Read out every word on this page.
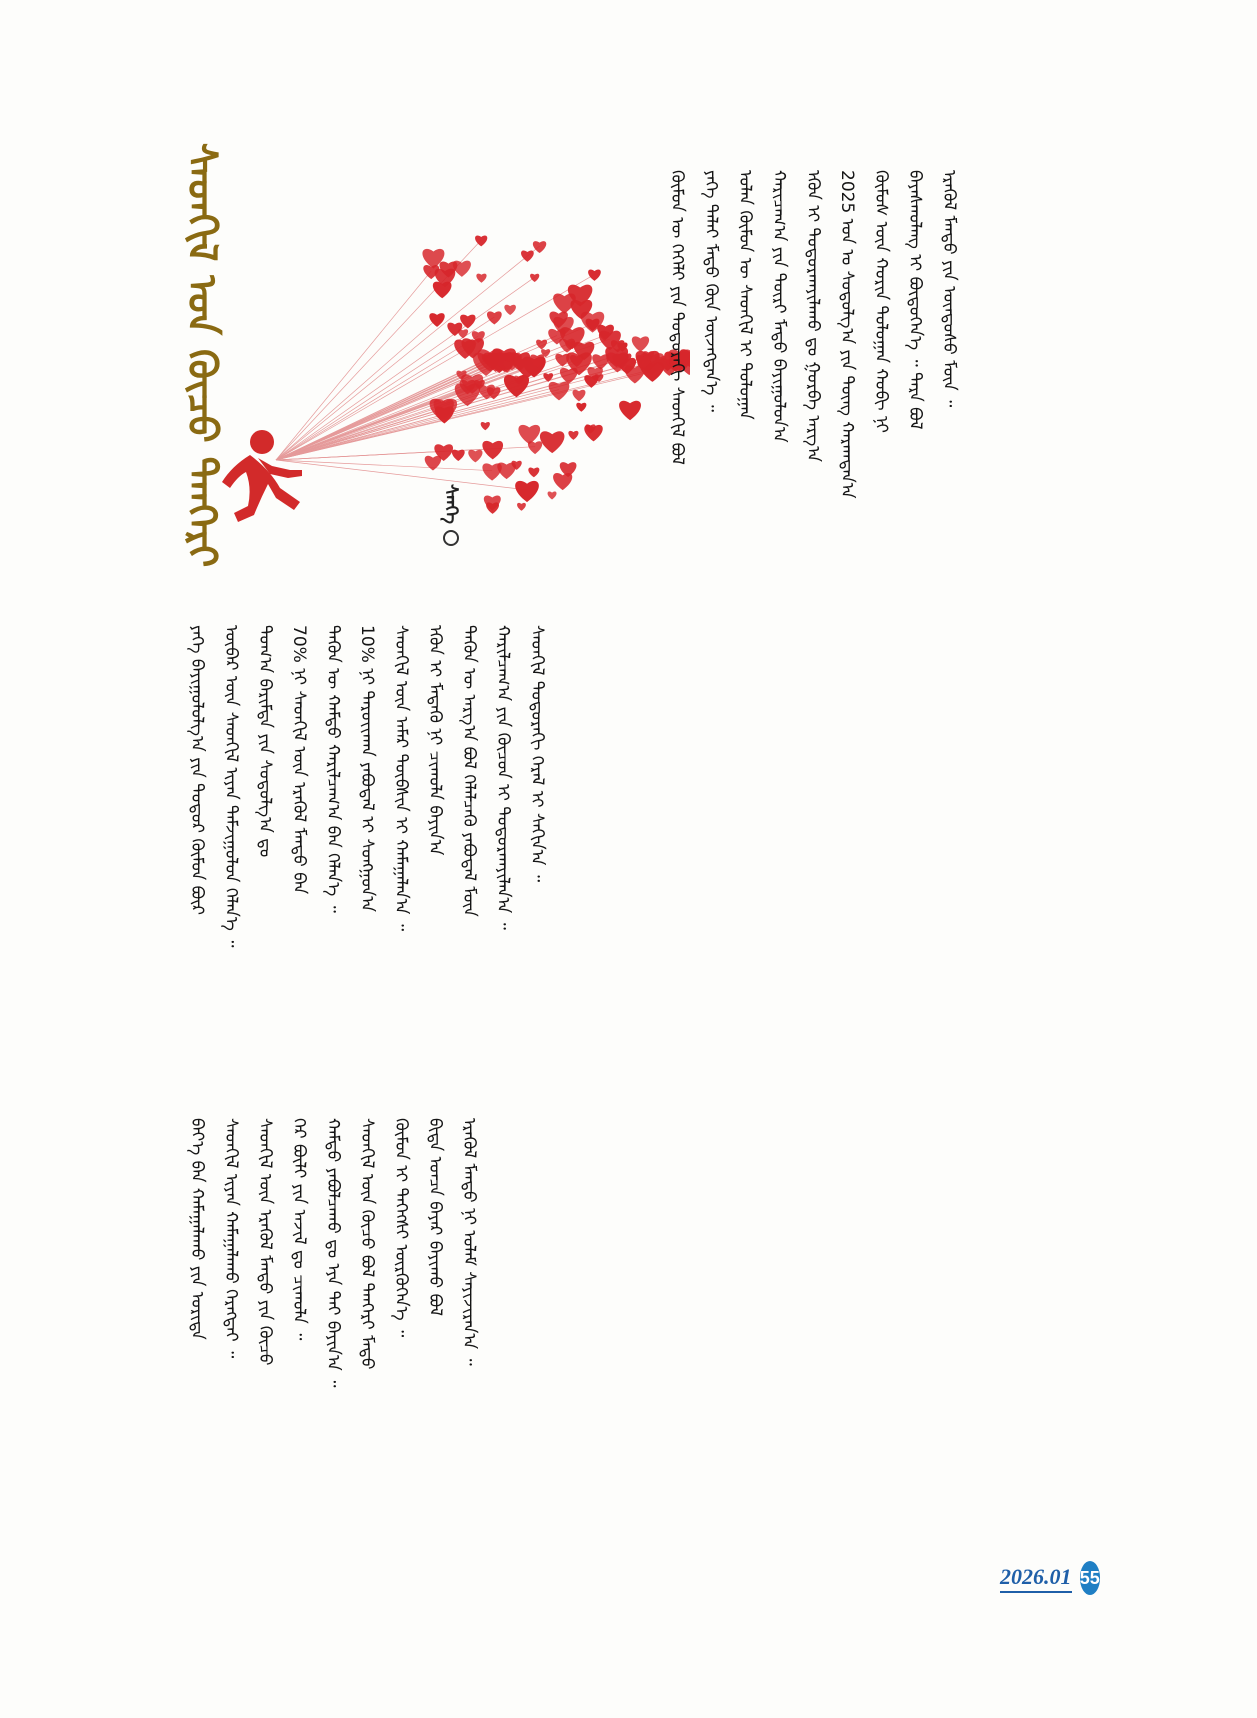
ᠰᠡᠳᠬᠢᠯ ᠤᠨ ᠬᠦᠴᠦ ᠲᠡᠨᠭᠡᠷᠢ	ᠰᠡᠨᠭᠡ
ᠬᠦᠮᠦᠨ ᠦ ᠬᠡᠭᠡᠯᠢ ᠶᠢᠨ ᠳᠣᠲᠣᠷᠠᠬᠢ ᠰᠡᠳᠬᠢᠯ ᠪᠣᠯ ᠶᠡᠬᠡ ᠳᠠᠯᠠᠢ ᠮᠡᠲᠦ ᠭᠦᠨ ᠦᠵᠡᠭᠳᠡᠨ᠎ᠡ ᠃ ᠣᠯᠠᠨ ᠬᠦᠮᠦᠨ ᠦ ᠰᠡᠳᠬᠢᠯ ᠢ ᠳᠣᠯᠣᠭᠠᠨ ᠬᠠᠷᠢᠴᠠᠭ᠎ᠠ ᠶᠢᠨ ᠳᠦᠷᠢ ᠮᠡᠲᠦ ᠪᠠᠶᠢᠭᠤᠯᠤᠨ᠎ᠠ ᠡᠭᠦᠨ ᠢ ᠲᠣᠳᠣᠷᠬᠠᠶᠢᠯᠠᠬᠤ ᠳᠤ ᠭᠤᠷᠪᠠ ᠠᠷᠭ᠎ᠠ 2025 ᠣᠨ ᠤ ᠰᠤᠳᠤᠯᠭ᠎ᠠ ᠶᠢᠨ ᠳᠦᠩ ᠬᠠᠷᠠᠭᠳᠠᠨ᠎ᠠ ᠬᠦᠮᠦᠰ ᠦᠨ ᠬᠣᠷᠢᠨ ᠳᠣᠯᠣᠭᠠᠨ ᠬᠤᠪᠢ ᠨᠢ ᠪᠠᠶᠠᠰᠬᠤᠯᠠᠩ ᠢ ᠪᠦᠲᠦᠭᠡᠨ᠎ᠡ ᠃ ᠲᠡᠷᠡ ᠪᠣᠯ ᠡᠷᠡᠭᠦᠯ ᠮᠡᠨᠳᠦ ᠶᠢᠨ ᠦᠨᠳᠦᠰᠦ ᠮᠥᠨ ᠃
ᠶᠡᠬᠡ ᠪᠠᠶᠢᠭᠤᠯᠤᠯᠭ᠎ᠠ ᠶᠢᠨ ᠳᠣᠲᠣᠷ ᠬᠦᠮᠦᠨ ᠪᠦᠷ ᠥᠪᠡᠷ ᠦᠨ ᠰᠡᠳᠬᠢᠯ ᠢᠶᠡᠨ ᠳᠠᠮᠵᠢᠭᠤᠯᠤᠨ ᠬᠡᠯᠡᠨ᠎ᠡ ᠃ ᠲᠣᠭ᠎ᠠ ᠪᠠᠷᠢᠮᠲᠠ ᠶᠢᠨ ᠰᠤᠳᠤᠯᠭ᠎ᠠ ᠳᠤ 70% ᠨᠢ ᠰᠡᠳᠬᠢᠯ ᠦᠨ ᠡᠷᠡᠭᠦᠯ ᠮᠡᠨᠳᠦ ᠪᠡᠨ ᠲᠡᠭᠦᠨ ᠦ ᠬᠠᠮᠲᠤ ᠬᠠᠷᠢᠯᠴᠠᠭ᠎ᠠ ᠪᠠᠨ ᠬᠡᠯᠡᠨ᠎ᠡ ᠃ 10% ᠨᠢ ᠳᠠᠷᠤᠶ᠋ᠢᠬᠠᠨ ᠶᠠᠪᠤᠳᠠᠯ ᠢ ᠰᠣᠩᠭᠤᠨ᠎ᠠ ᠰᠡᠳᠬᠢᠯ ᠦᠨ ᠠᠮᠠᠷ ᠲᠦᠪᠰᠢᠨ ᠢ ᠬᠠᠮᠠᠭᠠᠯᠠᠨ᠎ᠠ ᠃ ᠡᠭᠦᠨ ᠢ ᠮᠡᠳᠡᠬᠦ ᠨᠢ ᠴᠢᠬᠤᠯᠠ ᠪᠠᠶᠢᠨ᠎ᠠ ᠲᠡᠭᠦᠨ ᠦ ᠠᠷᠭ᠎ᠠ ᠪᠣᠯ ᠬᠡᠯᠡᠯᠴᠡᠬᠦ ᠶᠠᠪᠤᠳᠠᠯ ᠮᠥᠨ ᠬᠠᠷᠢᠯᠴᠠᠭ᠎ᠠ ᠶᠢᠨ ᠬᠦᠴᠦᠨ ᠢ ᠲᠣᠳᠣᠷᠬᠠᠶᠢᠯᠠᠨ᠎ᠠ ᠃ ᠰᠡᠳᠬᠢᠯ ᠳᠣᠲᠣᠷᠠᠬᠢ ᠭᠡᠷᠡᠯ ᠢ ᠰᠠᠬᠢᠨ᠎ᠠ ᠃
ᠪᠡᠶ᠎ᠡ ᠪᠡᠨ ᠬᠠᠮᠠᠭᠠᠯᠠᠬᠤ ᠶᠢᠨ ᠤᠷᠢᠳᠠ ᠰᠡᠳᠬᠢᠯ ᠢᠶᠡᠨ ᠬᠠᠮᠠᠭᠠᠯᠠᠬᠤ ᠬᠡᠷᠡᠭᠲᠡᠢ ᠃ ᠰᠡᠳᠬᠢᠯ ᠦᠨ ᠡᠷᠡᠭᠦᠯ ᠮᠡᠨᠳᠦ ᠶᠢᠨ ᠬᠦᠴᠦ ᠭᠡᠷ ᠪᠦᠯᠢ ᠶᠢᠨ ᠠᠵᠢᠯ ᠳᠤ ᠴᠢᠬᠤᠯᠠ ᠃ ᠬᠠᠮᠲᠤ ᠶᠠᠪᠤᠯᠴᠠᠬᠤ ᠳᠤ ᠡᠶᠡ ᠲᠡᠢ ᠪᠠᠶᠢᠨ᠎ᠠ ᠃ ᠰᠡᠳᠬᠢᠯ ᠦᠨ ᠬᠦᠴᠦ ᠪᠣᠯ ᠲᠡᠨᠭᠡᠷᠢ ᠮᠡᠲᠦ ᠬᠦᠮᠦᠨ ᠢ ᠳᠡᠭᠡᠭᠰᠢ ᠥᠷᠭᠦᠭᠡᠨ᠎ᠡ ᠃ ᠪᠢᠳᠡ ᠣᠨᠴᠠ ᠪᠠᠶᠠᠷ ᠪᠠᠶᠢᠬᠤ ᠪᠣᠯ ᠡᠷᠡᠭᠦᠯ ᠮᠡᠨᠳᠦ ᠨᠢ ᠤᠯᠠᠮ ᠰᠠᠶᠢᠵᠢᠷᠠᠨ᠎ᠠ ᠃
2026.01 55
